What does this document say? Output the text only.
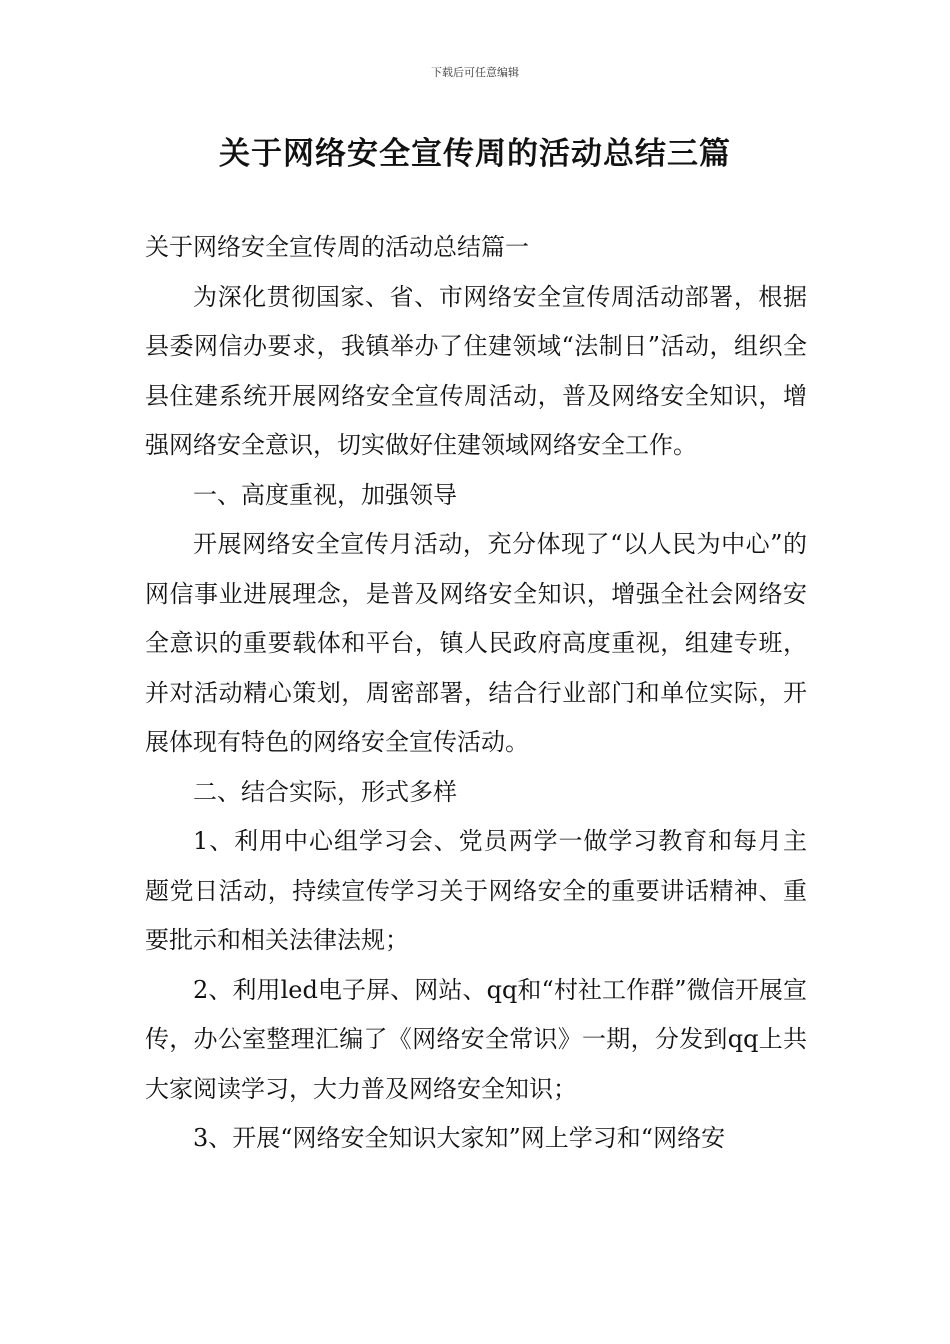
下载后可任意编辑
关于网络安全宣传周的活动总结三篇

关于网络安全宣传周的活动总结篇一

为深化贯彻国家、省、市网络安全宣传周活动部署，根据县委网信办要求，我镇举办了住建领域“法制日”活动，组织全县住建系统开展网络安全宣传周活动，普及网络安全知识，增强网络安全意识，切实做好住建领域网络安全工作。

一、高度重视，加强领导

开展网络安全宣传月活动，充分体现了“以人民为中心”的网信事业进展理念，是普及网络安全知识，增强全社会网络安全意识的重要载体和平台，镇人民政府高度重视，组建专班，并对活动精心策划，周密部署，结合行业部门和单位实际，开展体现有特色的网络安全宣传活动。

二、结合实际，形式多样

1、利用中心组学习会、党员两学一做学习教育和每月主题党日活动，持续宣传学习关于网络安全的重要讲话精神、重要批示和相关法律法规；

2、利用led电子屏、网站、qq和“村社工作群”微信开展宣传，办公室整理汇编了《网络安全常识》一期，分发到qq上共大家阅读学习，大力普及网络安全知识；

3、开展“网络安全知识大家知”网上学习和“网络安
